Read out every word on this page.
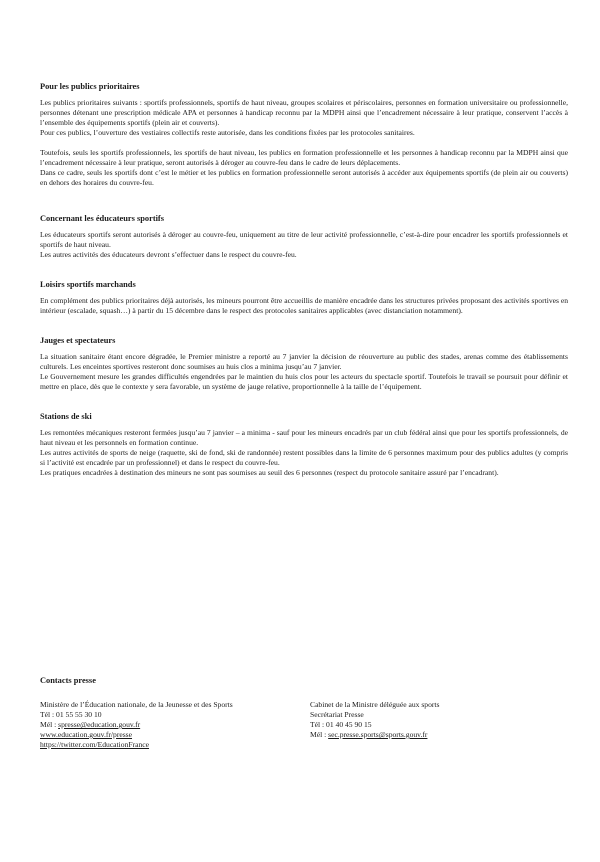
Pour les publics prioritaires

Les publics prioritaires suivants : sportifs professionnels, sportifs de haut niveau, groupes scolaires et périscolaires, personnes en formation universitaire ou professionnelle, personnes détenant une prescription médicale APA et personnes à handicap reconnu par la MDPH ainsi que l’encadrement nécessaire à leur pratique, conservent l’accès à l’ensemble des équipements sportifs (plein air et couverts).

Pour ces publics, l’ouverture des vestiaires collectifs reste autorisée, dans les conditions fixées par les protocoles sanitaires.

Toutefois, seuls les sportifs professionnels, les sportifs de haut niveau, les publics en formation professionnelle et les personnes à handicap reconnu par la MDPH ainsi que l’encadrement nécessaire à leur pratique, seront autorisés à déroger au couvre-feu dans le cadre de leurs déplacements.

Dans ce cadre, seuls les sportifs dont c’est le métier et les publics en formation professionnelle seront autorisés à accéder aux équipements sportifs (de plein air ou couverts) en dehors des horaires du couvre-feu.

Concernant les éducateurs sportifs

Les éducateurs sportifs seront autorisés à déroger au couvre-feu, uniquement au titre de leur activité professionnelle, c’est-à-dire pour encadrer les sportifs professionnels et sportifs de haut niveau.

Les autres activités des éducateurs devront s’effectuer dans le respect du couvre-feu.

Loisirs sportifs marchands

En complément des publics prioritaires déjà autorisés, les mineurs pourront être accueillis de manière encadrée dans les structures privées proposant des activités sportives en intérieur (escalade, squash…) à partir du 15 décembre dans le respect des protocoles sanitaires applicables (avec distanciation notamment).

Jauges et spectateurs

La situation sanitaire étant encore dégradée, le Premier ministre a reporté au 7 janvier la décision de réouverture au public des stades, arenas comme des établissements culturels. Les enceintes sportives resteront donc soumises au huis clos a minima jusqu’au 7 janvier.

Le Gouvernement mesure les grandes difficultés engendrées par le maintien du huis clos pour les acteurs du spectacle sportif. Toutefois le travail se poursuit pour définir et mettre en place, dès que le contexte y sera favorable, un système de jauge relative, proportionnelle à la taille de l’équipement.

Stations de ski

Les remontées mécaniques resteront fermées jusqu’au 7 janvier – a minima - sauf pour les mineurs encadrés par un club fédéral ainsi que pour les sportifs professionnels, de haut niveau et les personnels en formation continue.

Les autres activités de sports de neige (raquette, ski de fond, ski de randonnée) restent possibles dans la limite de 6 personnes maximum pour des publics adultes (y compris si l’activité est encadrée par un professionnel) et dans le respect du couvre-feu.

Les pratiques encadrées à destination des mineurs ne sont pas soumises au seuil des 6 personnes (respect du protocole sanitaire assuré par l’encadrant).

Contacts presse
Ministère de l’Éducation nationale, de la Jeunesse et des Sports
Tél : 01 55 55 30 10
Mél : spresse@education.gouv.fr
www.education.gouv.fr/presse
https://twitter.com/EducationFrance
Cabinet de la Ministre déléguée aux sports
Secrétariat Presse
Tél : 01 40 45 90 15
Mél : sec.presse.sports@sports.gouv.fr
